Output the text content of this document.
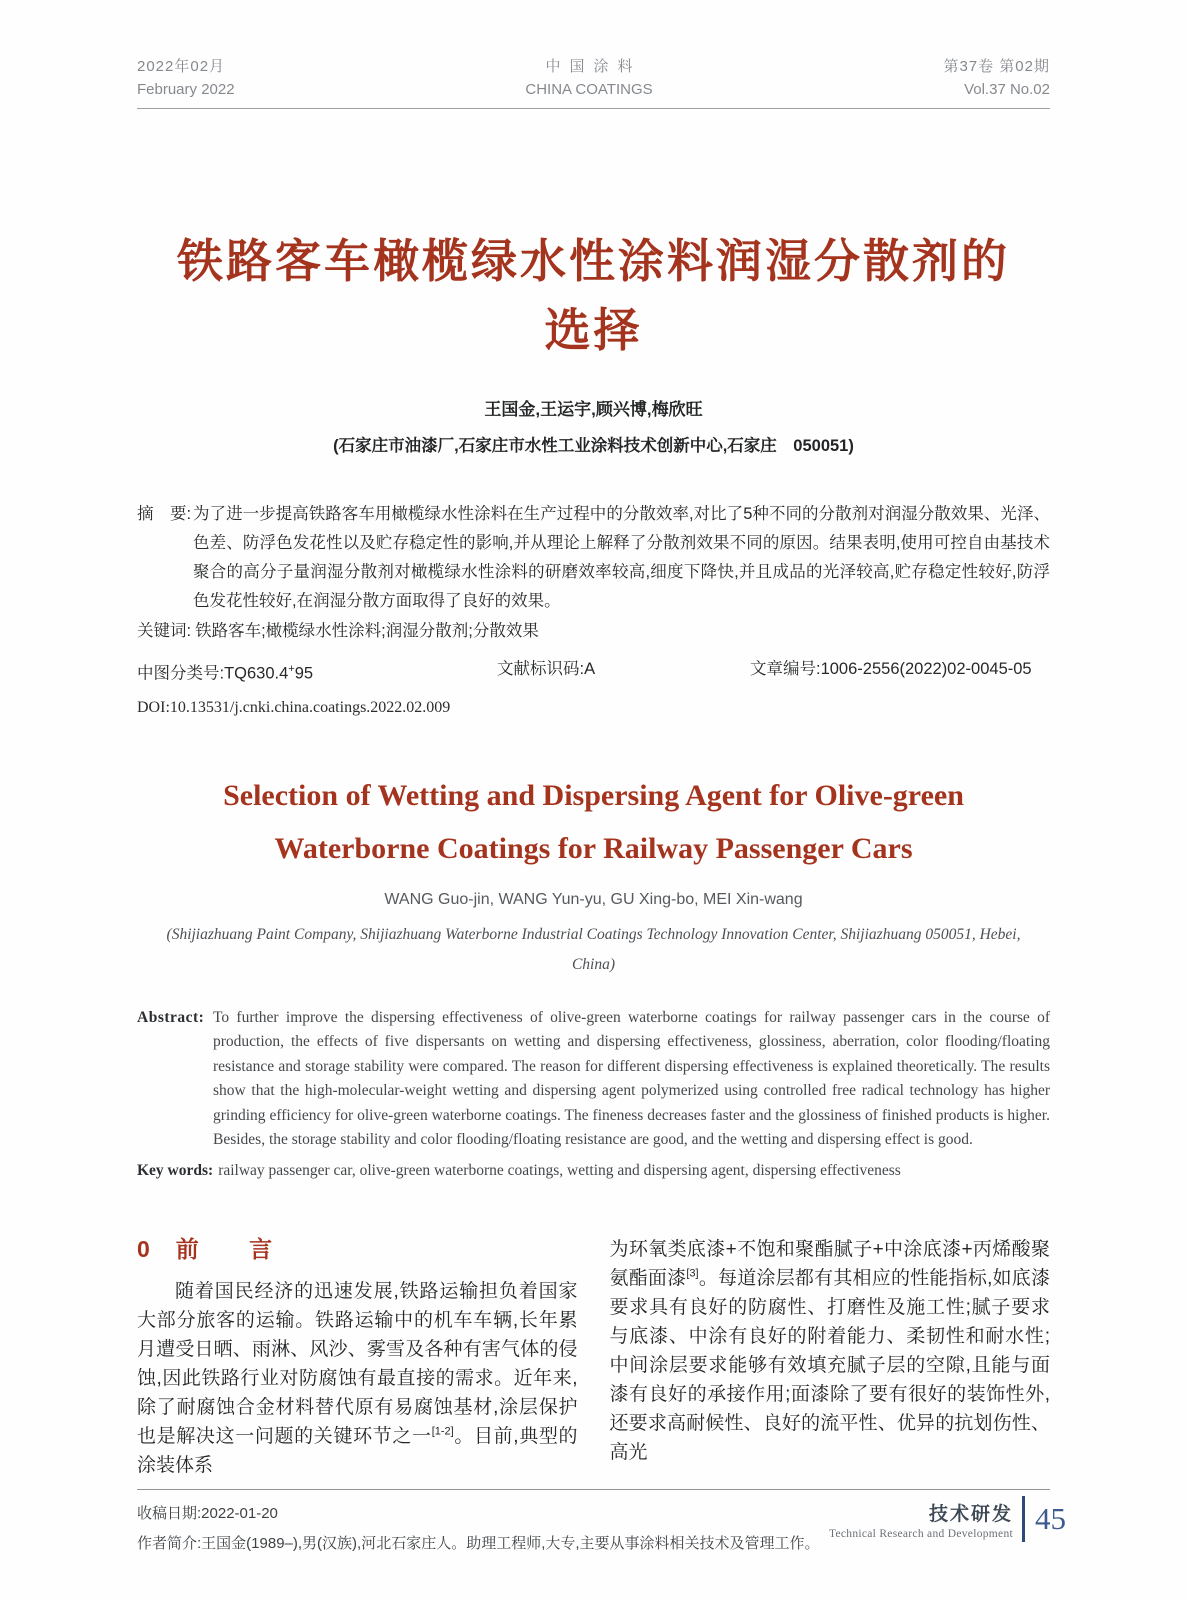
2022年02月
February 2022
中国涂料
CHINA COATINGS
第37卷 第02期
Vol.37 No.02
铁路客车橄榄绿水性涂料润湿分散剂的
选择

王国金,王运宇,顾兴博,梅欣旺

(石家庄市油漆厂,石家庄市水性工业涂料技术创新中心,石家庄　050051)

摘　要: 为了进一步提高铁路客车用橄榄绿水性涂料在生产过程中的分散效率,对比了5种不同的分散剂对润湿分散效果、光泽、色差、防浮色发花性以及贮存稳定性的影响,并从理论上解释了分散剂效果不同的原因。结果表明,使用可控自由基技术聚合的高分子量润湿分散剂对橄榄绿水性涂料的研磨效率较高,细度下降快,并且成品的光泽较高,贮存稳定性较好,防浮色发花性较好,在润湿分散方面取得了良好的效果。

关键词: 铁路客车;橄榄绿水性涂料;润湿分散剂;分散效果

中图分类号:TQ630.4+95	文献标识码:A	文章编号:1006-2556(2022)02-0045-05

DOI:10.13531/j.cnki.china.coatings.2022.02.009

Selection of Wetting and Dispersing Agent for Olive-green
Waterborne Coatings for Railway Passenger Cars

WANG Guo-jin, WANG Yun-yu, GU Xing-bo, MEI Xin-wang

(Shijiazhuang Paint Company, Shijiazhuang Waterborne Industrial Coatings Technology Innovation Center, Shijiazhuang 050051, Hebei, China)

Abstract: To further improve the dispersing effectiveness of olive-green waterborne coatings for railway passenger cars in the course of production, the effects of five dispersants on wetting and dispersing effectiveness, glossiness, aberration, color flooding/floating resistance and storage stability were compared. The reason for different dispersing effectiveness is explained theoretically. The results show that the high-molecular-weight wetting and dispersing agent polymerized using controlled free radical technology has higher grinding efficiency for olive-green waterborne coatings. The fineness decreases faster and the glossiness of finished products is higher. Besides, the storage stability and color flooding/floating resistance are good, and the wetting and dispersing effect is good.

Key words: railway passenger car, olive-green waterborne coatings, wetting and dispersing agent, dispersing effectiveness

0 前 言

随着国民经济的迅速发展,铁路运输担负着国家大部分旅客的运输。铁路运输中的机车车辆,长年累月遭受日晒、雨淋、风沙、雾雪及各种有害气体的侵蚀,因此铁路行业对防腐蚀有最直接的需求。近年来,除了耐腐蚀合金材料替代原有易腐蚀基材,涂层保护也是解决这一问题的关键环节之一[1-2]。目前,典型的涂装体系

为环氧类底漆+不饱和聚酯腻子+中涂底漆+丙烯酸聚氨酯面漆[3]。每道涂层都有其相应的性能指标,如底漆要求具有良好的防腐性、打磨性及施工性;腻子要求与底漆、中涂有良好的附着能力、柔韧性和耐水性;中间涂层要求能够有效填充腻子层的空隙,且能与面漆有良好的承接作用;面漆除了要有很好的装饰性外,还要求高耐候性、良好的流平性、优异的抗划伤性、高光

收稿日期:2022-01-20
作者简介:王国金(1989–),男(汉族),河北石家庄人。助理工程师,大专,主要从事涂料相关技术及管理工作。
技术研发
Technical Research and Development 45
